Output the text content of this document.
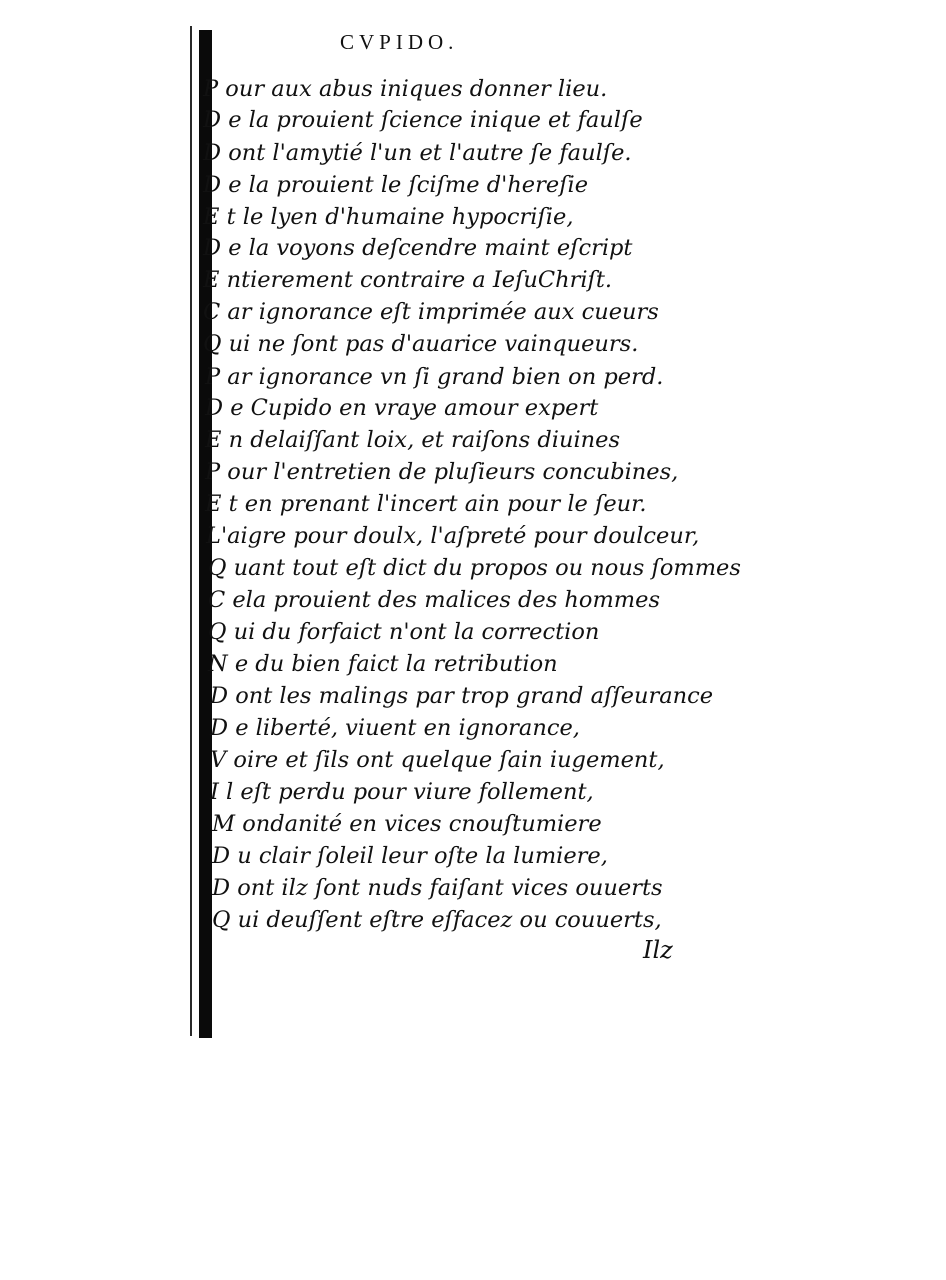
CVPIDO.
P our aux abus iniques donner lieu.
D e la prouient ſcience inique et faulſe
D ont l'amytié l'un et l'autre ſe faulſe.
D e la prouient le ſciſme d'hereſie
E t le lyen d'humaine hypocriſie,
D e la voyons deſcendre maint eſcript
E ntierement contraire a IeſuChriſt.
C ar ignorance eſt imprimée aux cueurs
Q ui ne ſont pas d'auarice vainqueurs.
P ar ignorance vn ſi grand bien on perd.
D e Cupido en vraye amour expert
E n delaiſſant loix, et raiſons diuines
P our l'entretien de pluſieurs concubines,
E t en prenant l'incert ain pour le ſeur.
L'aigre pour doulx, l'aſpreté pour doulceur,
Q uant tout eſt dict du propos ou nous ſommes
C ela prouient des malices des hommes
Q ui du forfaict n'ont la correction
N e du bien faict la retribution
D ont les malings par trop grand aſſeurance
D e liberté, viuent en ignorance,
V oire et ſils ont quelque ſain iugement,
I l eſt perdu pour viure follement,
M ondanité en vices cnouſtumiere
D u clair ſoleil leur oſte la lumiere,
D ont ilz ſont nuds faiſant vices ouuerts
Q ui deuſſent eſtre eſfacez ou couuerts,
Ilz
